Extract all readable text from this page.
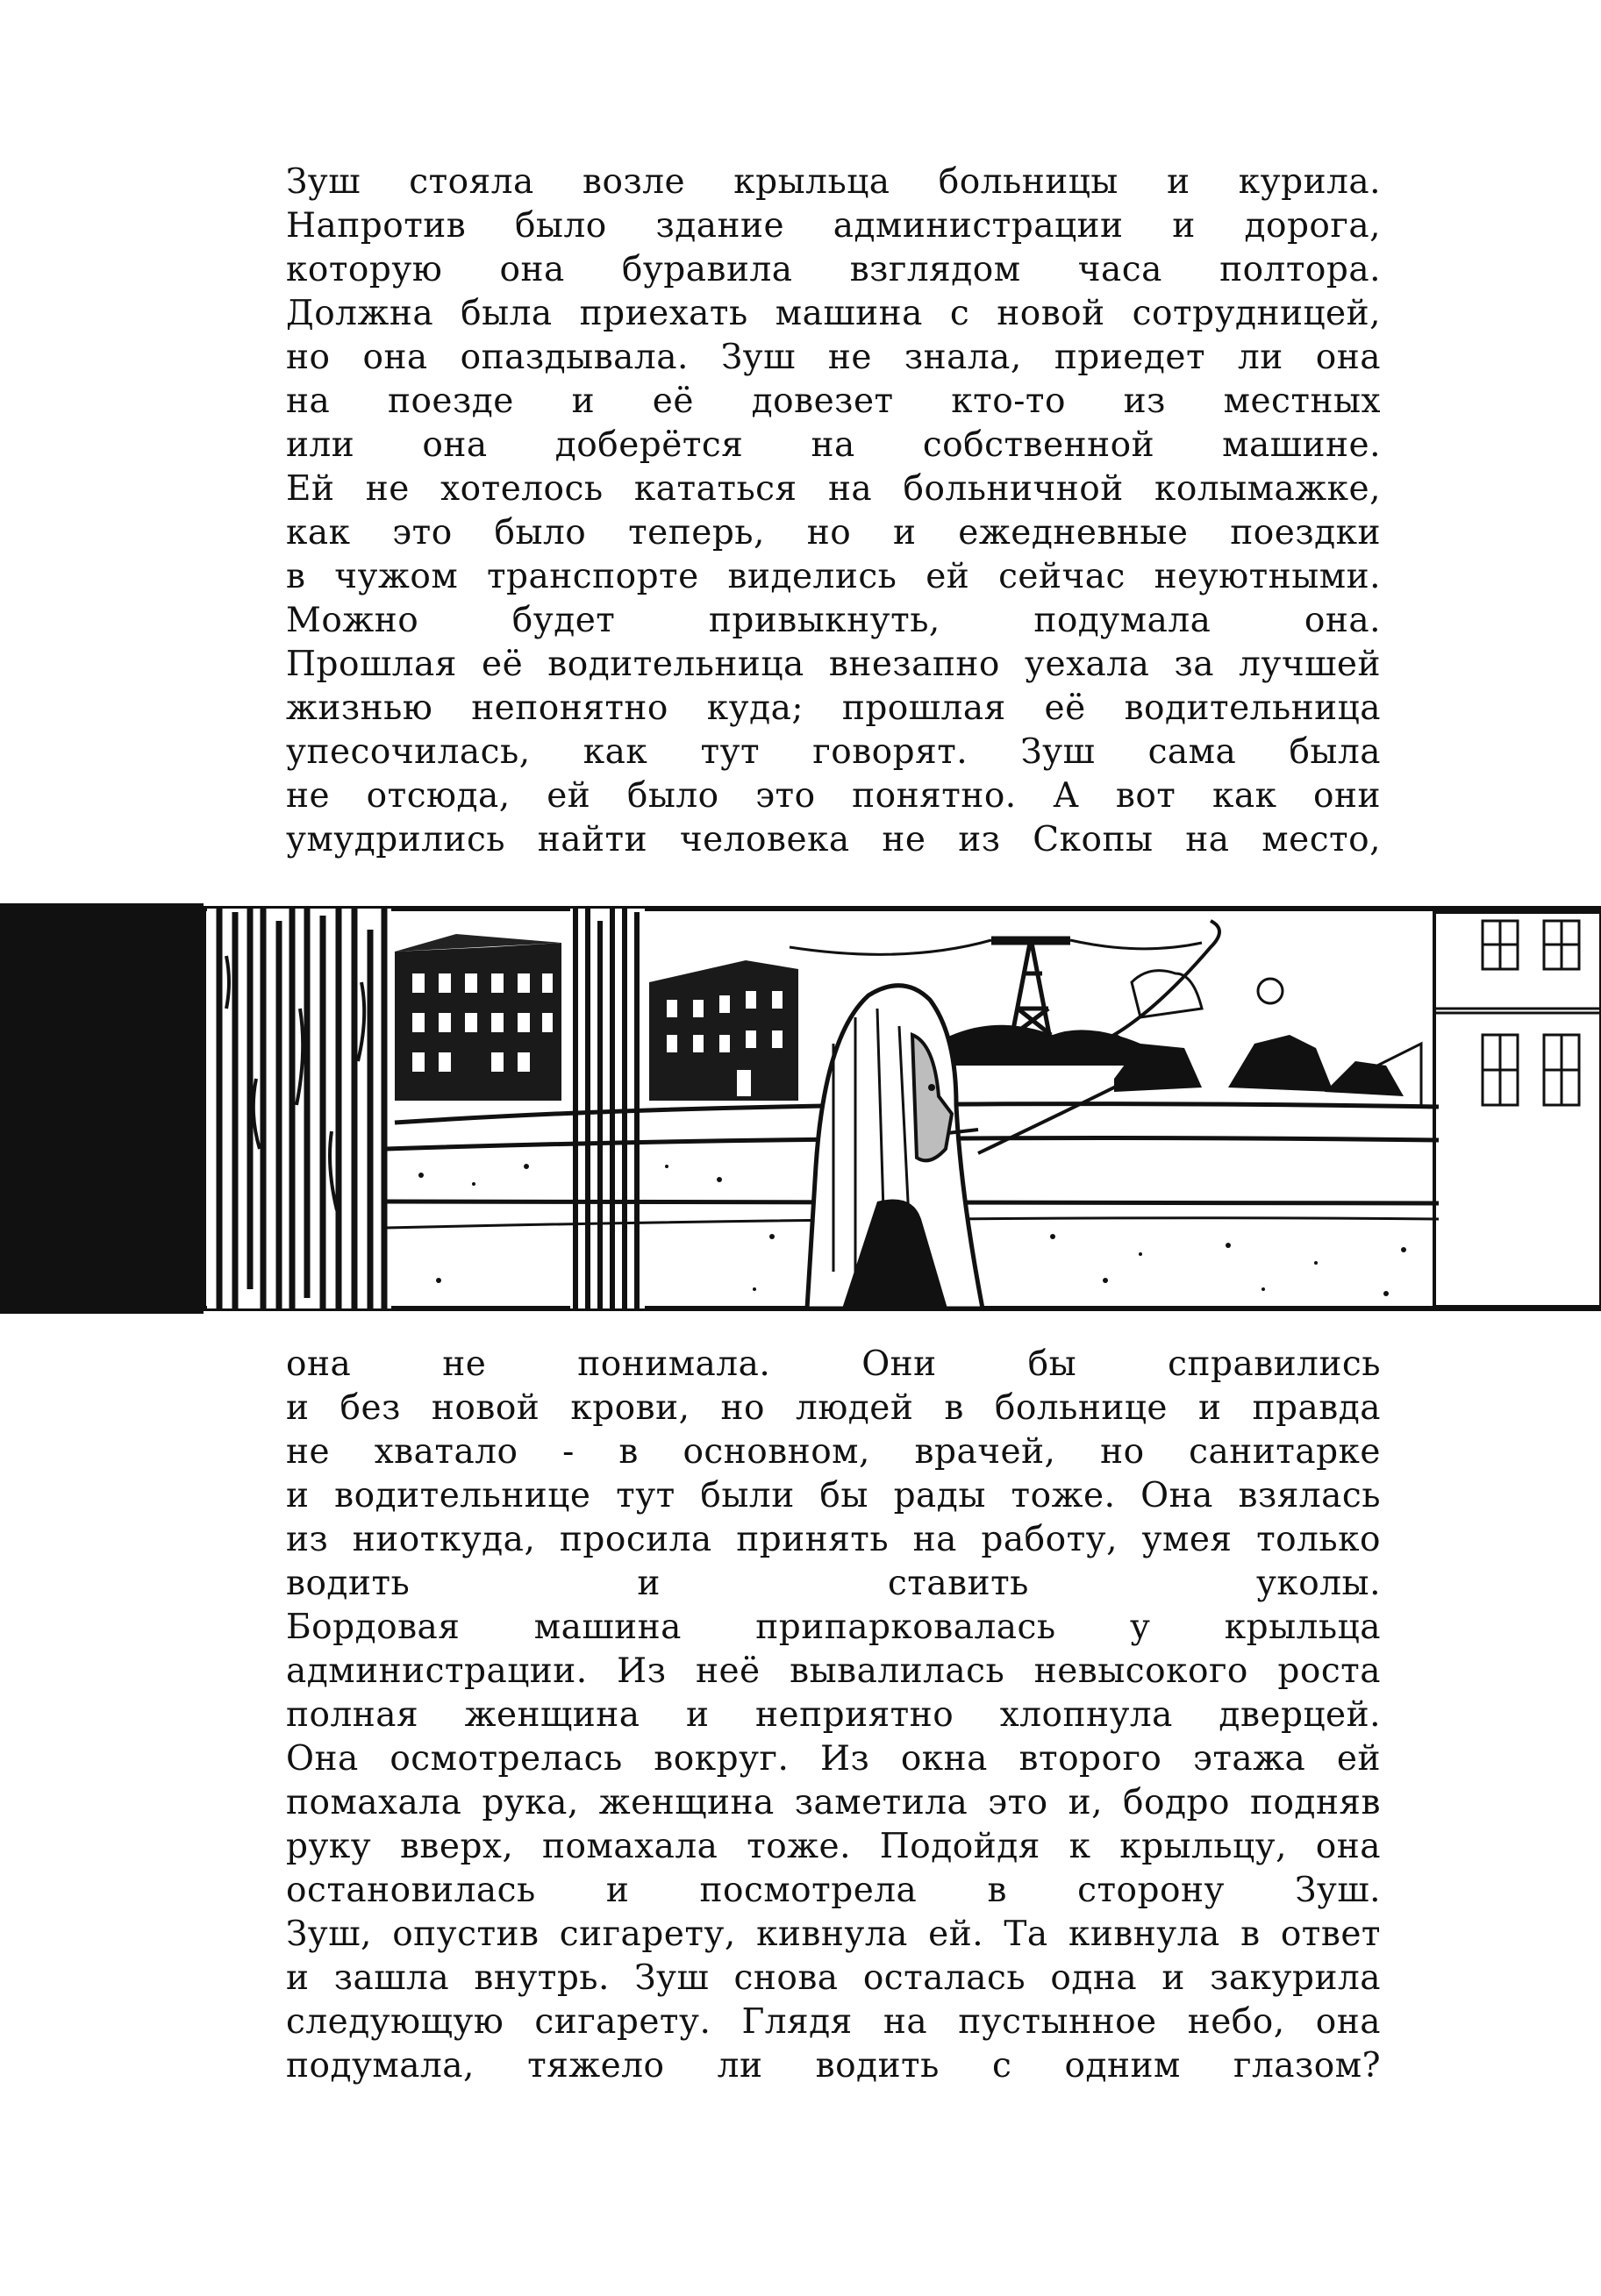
Зуш стояла возле крыльца больницы и курила.
Напротив было здание администрации и дорога,
которую она буравила взглядом часа полтора.
Должна была приехать машина с новой сотрудницей,
но она опаздывала. Зуш не знала, приедет ли она
на поезде и её довезет кто-то из местных
или она доберётся на собственной машине.
Ей не хотелось кататься на больничной колымажке,
как это было теперь, но и ежедневные поездки
в чужом транспорте виделись ей сейчас неуютными.
Можно будет привыкнуть, подумала она.
Прошлая её водительница внезапно уехала за лучшей
жизнью непонятно куда; прошлая её водительница
упесочилась, как тут говорят. Зуш сама была
не отсюда, ей было это понятно. А вот как они
умудрились найти человека не из Скопы на место,
она не понимала. Они бы справились
и без новой крови, но людей в больнице и правда
не хватало - в основном, врачей, но санитарке
и водительнице тут были бы рады тоже. Она взялась
из ниоткуда, просила принять на работу, умея только
водить и ставить уколы.
Бордовая машина припарковалась у крыльца
администрации. Из неё вывалилась невысокого роста
полная женщина и неприятно хлопнула дверцей.
Она осмотрелась вокруг. Из окна второго этажа ей
помахала рука, женщина заметила это и, бодро подняв
руку вверх, помахала тоже. Подойдя к крыльцу, она
остановилась и посмотрела в сторону Зуш.
Зуш, опустив сигарету, кивнула ей. Та кивнула в ответ
и зашла внутрь. Зуш снова осталась одна и закурила
следующую сигарету. Глядя на пустынное небо, она
подумала, тяжело ли водить с одним глазом?
